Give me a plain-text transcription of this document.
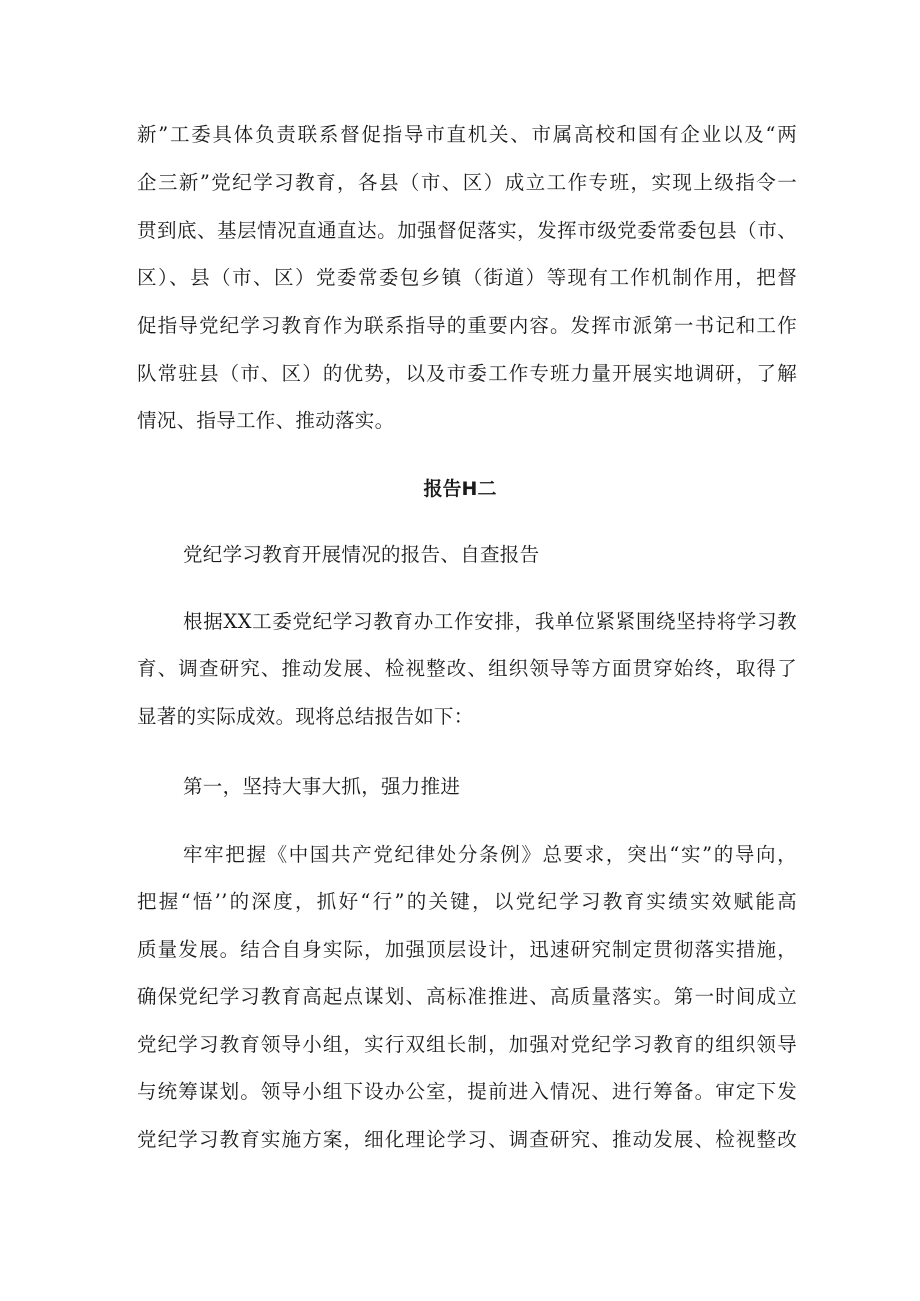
新”工委具体负责联系督促指导市直机关、市属高校和国有企业以及“两

企三新”党纪学习教育，各县（市、区）成立工作专班，实现上级指令一

贯到底、基层情况直通直达。加强督促落实，发挥市级党委常委包县（市、

区）、县（市、区）党委常委包乡镇（街道）等现有工作机制作用，把督

促指导党纪学习教育作为联系指导的重要内容。发挥市派第一书记和工作

队常驻县（市、区）的优势，以及市委工作专班力量开展实地调研，了解

情况、指导工作、推动落实。

报告H二

党纪学习教育开展情况的报告、自查报告

根据XX工委党纪学习教育办工作安排，我单位紧紧围绕坚持将学习教

育、调查研究、推动发展、检视整改、组织领导等方面贯穿始终，取得了

显著的实际成效。现将总结报告如下：

第一，坚持大事大抓，强力推进

牢牢把握《中国共产党纪律处分条例》总要求，突出“实”的导向，

把握“悟’’的深度，抓好“行”的关键，以党纪学习教育实绩实效赋能高

质量发展。结合自身实际，加强顶层设计，迅速研究制定贯彻落实措施，

确保党纪学习教育高起点谋划、高标准推进、高质量落实。第一时间成立

党纪学习教育领导小组，实行双组长制，加强对党纪学习教育的组织领导

与统筹谋划。领导小组下设办公室，提前进入情况、进行筹备。审定下发

党纪学习教育实施方案，细化理论学习、调查研究、推动发展、检视整改
